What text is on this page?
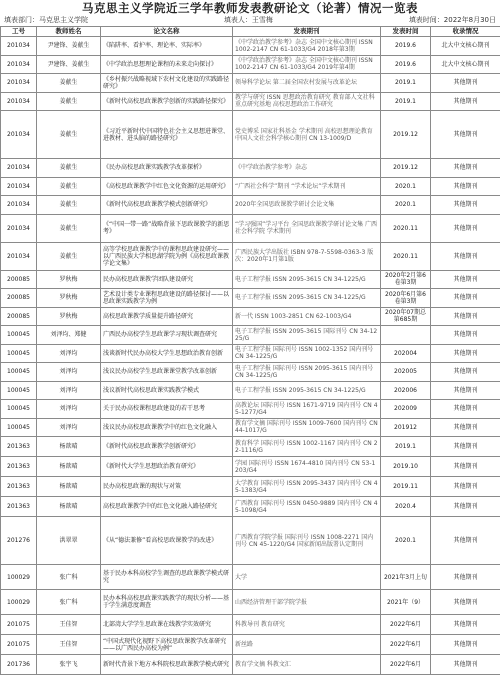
马克思主义学院近三学年教师发表教研论文（论著）情况一览表
填表部门：马克思主义学院	填表人：王雪梅	填表时间：2022年8月30日
工号	教师姓名	论文名称	发表期刊	发表时间	收录情况
201034	尹建锋、姜献生	《陷阱率、看护率、理论率、实际率》	《中学政治教学参考》杂志 全国中文核心期刊 ISSN 1002-2147 CN 61-1033/G4 2018年第3期	2019.6	北大中文核心期刊
201034	尹建锋、姜献生	《中学政治思想理论课程的未来走向探讨》	《中学政治教学参考》杂志 全国中文核心期刊 ISSN 1002-2147 CN 61-1033/G4 2019年第4期	2019.6	北大中文核心期刊
201034	姜献生	《乡村振兴战略视域下农村文化建设的实践路径研究》	领导科学论坛 第二届全国农村发展与改革论坛	2019.1	其他期刊
201034	姜献生	《新时代高校思政课教学创新的实践路径探究》	教学与研究 ISSN 思想政治教育研究 教育部人文社科重点研究基地 高校思想政治工作研究	2019.1	其他期刊
201034	姜献生	《习近平新时代中国特色社会主义思想进课堂、进教材、进头脑的路径研究》	党史博采 国家社科基金 学术期刊 高校思想理论教育 中国人文社会科学核心期刊 CN 13-1009/D	2019.12	其他期刊
201034	姜献生	《民办高校思政课实践教学改革探析》	《中学政治教学参考》杂志	2019.12	其他期刊
201034	姜献生	《高校思政课教学中红色文化资源的运用研究》	“广西社会科学”期刊 “学术论坛”学术期刊	2020.1	其他期刊
201034	姜献生	《新时代高校思政课教学模式创新研究》	2020年全国思政课教学研讨会论文集	2020.1	其他期刊
201034	姜献生	《“中国一带一路”战略背景下思政课教学的新思考》	“学习强国”学习平台 全国思政课教学研讨论文集 广西社会科学院 学术期刊	2020.11	其他期刊
201034	姜献生	高等学校思政课教学中的课程思政建设研究——以广西民族大学相思湖学院为例《高校思政课教学论文集》	广西民族大学出版社 ISBN 978-7-5598-0363-3 版次：2020年1月第1版	2020.11	其他期刊
200085	罗秋梅	民办高校思政课教学团队建设研究	电子工程学报 ISSN 2095-3615 CN 34-1225/G	2020年2月第6卷第3期	其他期刊
200085	罗秋梅	艺术设计类专业课程思政建设的路径探讨——以思政课实践教学为例	电子工程学报 ISSN 2095-3615 CN 34-1225/G	2020年6月第6卷第3期	其他期刊
200085	罗秋梅	高校思政课教学质量提升路径研究	新一代 ISSN 1003-2851 CN 62-1003/G4	2020年07期总第685期	其他期刊
100045	刘泽均、郑健	广西民办高校学生思政课学习现状调查研究	电子工程学报 ISSN 2095-3615 国际刊号 CN 34-1225/G		其他期刊
100045	刘泽均	浅谈新时代民办高校大学生思想政治教育创新	电子工程学报 国际刊号 ISSN 1002-1352 国内刊号 CN 34-1225/G	202004	其他期刊
100045	刘泽均	浅议民办高校学生思政课课堂教学改革创新	电子工程学报 国际刊号 ISSN 2095-3615 国内刊号 CN 34-1225/G	202005	其他期刊
100045	刘泽均	浅议新时代高校思政课实践教学模式	电子工程学报 ISSN 2095-3615 CN 34-1225/G	202006	其他期刊
100045	刘泽均	关于民办高校课程思政建设的若干思考	高教论坛 国际刊号 ISSN 1671-9719 国内刊号 CN 45-1277/G4	202009	其他期刊
100045	刘泽均	浅议民办高校思政课教学中的红色文化融入	教育学文摘 国际刊号 ISSN 1009-7600 国内刊号 CN 44-1017/G	201912	其他期刊
201363	杨歆晴	《新时代高校思政课教学创新研究》	教育科学 国际刊号 ISSN 1002-1167 国内刊号 CN 22-1116/G	2019.1	其他期刊
201363	杨歆晴	《新时代大学生思想政治教育研究》	学园 国际刊号 ISSN 1674-4810 国内刊号 CN 53-1203/G4	2019.10	其他期刊
201363	杨歆晴	民办高校思政课的现状与对策	大学教育 国际刊号 ISSN 2095-3437 国内刊号 CN 45-1383/G4	2019.11	其他期刊
201363	杨歆晴	高校思政课教学中的红色文化融入路径研究	广西教育 国际刊号 ISSN 0450-9889 国内刊号 CN 45-1098/G4	2020.4	其他期刊
201276	洪翠翠	《从“德法兼修”看高校思政课教学的改进》	广西教育学院学报 国际刊号 ISSN 1008-2271 国内刊号 CN 45-1220/G4 国家新闻出版署认定期刊	2020.1	其他期刊
100029	张广科	基于民办本科高校学生调查的思政课教学模式研究	大学	2021年3月上旬	其他期刊
100029	张广科	民办本科高校思政课实践教学的现状分析——基于学生满意度调查	山西经济管理干部学院学报	2021年（9）	其他期刊
201075	王佳智	北部湾大学学生思政课在线教学实效研究	科教导刊 教育研究	2022年6月	其他期刊
201075	王佳智	“中国式现代化视野下高校思政课教学改革研究——以广西民办高校为例”	新丝路	2022年6月	其他期刊
201736	张宇飞	新时代背景下地方本科院校思政课教学模式研究	教育学文摘 科教文汇	2022年6月	其他期刊
